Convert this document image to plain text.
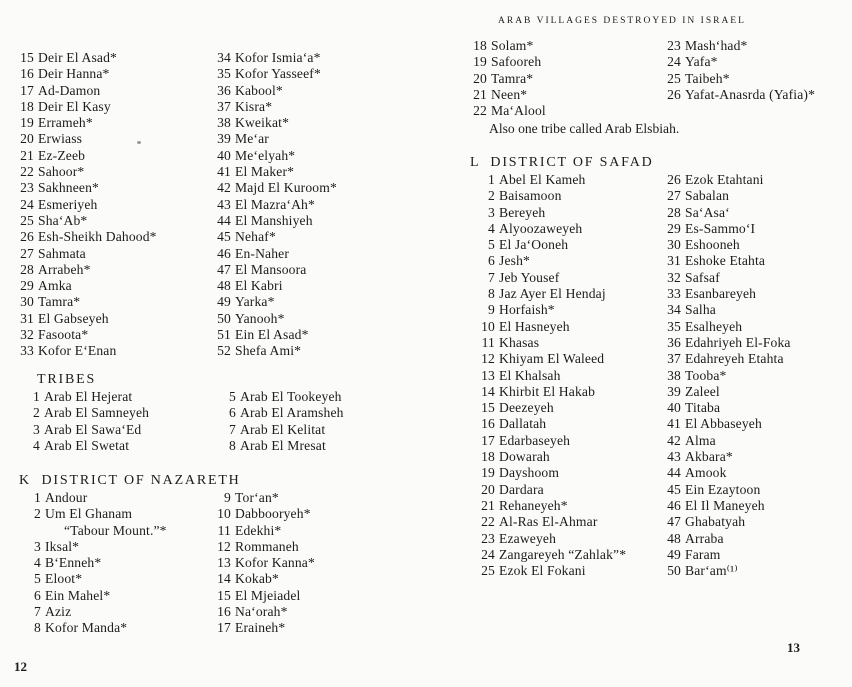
15 Deir El Asad*
16 Deir Hanna*
17 Ad-Damon
18 Deir El Kasy
19 Errameh*
20 Erwiass
21 Ez-Zeeb
22 Sahoor*
23 Sakhneen*
24 Esmeriyeh
25 Sha‘Ab*
26 Esh-Sheikh Dahood*
27 Sahmata
28 Arrabeh*
29 Amka
30 Tamra*
31 El Gabseyeh
32 Fasoota*
33 Kofor E‘Enan
34 Kofor Ismia‘a*
35 Kofor Yasseef*
36 Kabool*
37 Kisra*
38 Kweikat*
39 Me‘ar
40 Me‘elyah*
41 El Maker*
42 Majd El Kuroom*
43 El Mazra‘Ah*
44 El Manshiyeh
45 Nehaf*
46 En-Naher
47 El Mansoora
48 El Kabri
49 Yarka*
50 Yanooh*
51 Ein El Asad*
52 Shefa Ami*
TRIBES
1 Arab El Hejerat
2 Arab El Samneyeh
3 Arab El Sawa‘Ed
4 Arab El Swetat
5 Arab El Tookeyeh
6 Arab El Aramsheh
7 Arab El Kelitat
8 Arab El Mresat
K  DISTRICT OF NAZARETH
1 Andour
2 Um El Ghanam
“Tabour Mount.”*
3 Iksal*
4 B‘Enneh*
5 Eloot*
6 Ein Mahel*
7 Aziz
8 Kofor Manda*
9 Tor‘an*
10 Dabbooryeh*
11 Edekhi*
12 Rommaneh
13 Kofor Kanna*
14 Kokab*
15 El Mjeiadel
16 Na‘orah*
17 Eraineh*
12
ARAB VILLAGES DESTROYED IN ISRAEL
18 Solam*
19 Safooreh
20 Tamra*
21 Neen*
22 Ma‘Alool
23 Mash‘had*
24 Yafa*
25 Taibeh*
26 Yafat-Anasrda (Yafia)*
Also one tribe called Arab Elsbiah.
L  DISTRICT OF SAFAD
1 Abel El Kameh
2 Baisamoon
3 Bereyeh
4 Alyoozaweyeh
5 El Ja‘Ooneh
6 Jesh*
7 Jeb Yousef
8 Jaz Ayer El Hendaj
9 Horfaish*
10 El Hasneyeh
11 Khasas
12 Khiyam El Waleed
13 El Khalsah
14 Khirbit El Hakab
15 Deezeyeh
16 Dallatah
17 Edarbaseyeh
18 Dowarah
19 Dayshoom
20 Dardara
21 Rehaneyeh*
22 Al-Ras El-Ahmar
23 Ezaweyeh
24 Zangareyeh “Zahlak”*
25 Ezok El Fokani
26 Ezok Etahtani
27 Sabalan
28 Sa‘Asa‘
29 Es-Sammo‘I
30 Eshooneh
31 Eshoke Etahta
32 Safsaf
33 Esanbareyeh
34 Salha
35 Esalheyeh
36 Edahriyeh El-Foka
37 Edahreyeh Etahta
38 Tooba*
39 Zaleel
40 Titaba
41 El Abbaseyeh
42 Alma
43 Akbara*
44 Amook
45 Ein Ezaytoon
46 El Il Maneyeh
47 Ghabatyah
48 Arraba
49 Faram
50 Bar‘am⁽¹⁾
13
